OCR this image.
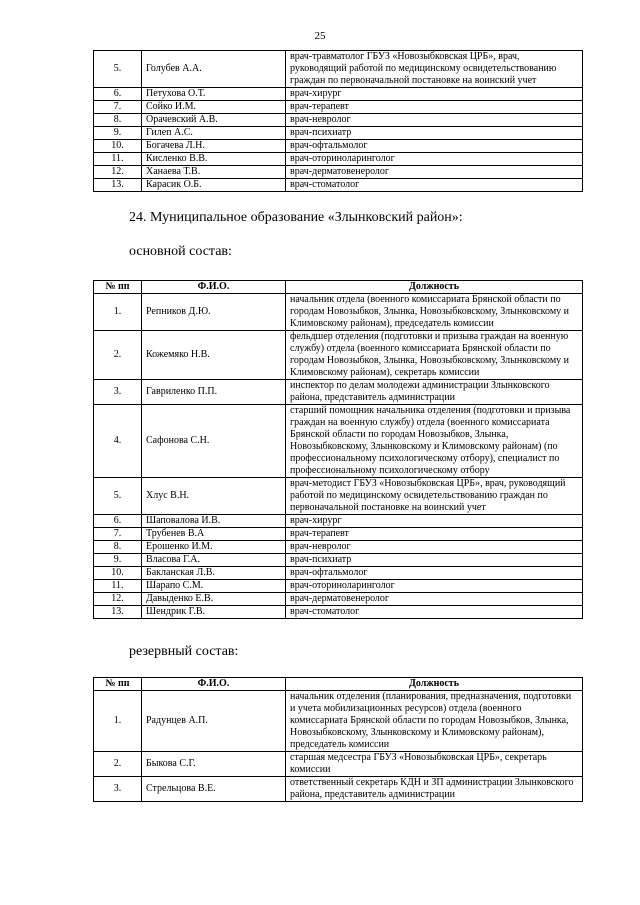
25
5.	Голубев А.А.	врач-травматолог ГБУЗ «Новозыбковская ЦРБ», врач, руководящий работой по медицинскому освидетельствованию граждан по первоначальной постановке на воинский учет
6.	Петухова О.Т.	врач-хирург
7.	Сойко И.М.	врач-терапевт
8.	Орачевский А.В.	врач-невролог
9.	Гилеп А.С.	врач-психиатр
10.	Богачева Л.Н.	врач-офтальмолог
11.	Кисленко В.В.	врач-оториноларинголог
12.	Ханаева Т.В.	врач-дерматовенеролог
13.	Карасик О.Б.	врач-стоматолог
24. Муниципальное образование «Злынковский район»:
основной состав:
№ пп	Ф.И.О.	Должность
1.	Репников Д.Ю.	начальник отдела (военного комиссариата Брянской области по городам Новозыбков, Злынка, Новозыбковскому, Злынковскому и Климовскому районам), председатель комиссии
2.	Кожемяко Н.В.	фельдшер отделения (подготовки и призыва граждан на военную службу) отдела (военного комиссариата Брянской области по городам Новозыбков, Злынка, Новозыбковскому, Злынковскому и Климовскому районам), секретарь комиссии
3.	Гавриленко П.П.	инспектор по делам молодежи администрации Злынковского района, представитель администрации
4.	Сафонова С.Н.	старший помощник начальника отделения (подготовки и призыва граждан на военную службу) отдела (военного комиссариата Брянской области по городам Новозыбков, Злынка, Новозыбковскому, Злынковскому и Климовскому районам) (по профессиональному психологическому отбору), специалист по профессиональному психологическому отбору
5.	Хлус В.Н.	врач-методист ГБУЗ «Новозыбковская ЦРБ», врач, руководящий работой по медицинскому освидетельствованию граждан по первоначальной постановке на воинский учет
6.	Шаповалова И.В.	врач-хирург
7.	Трубенев В.А	врач-терапевт
8.	Ерошенко И.М.	врач-невролог
9.	Власова Г.А.	врач-психиатр
10.	Бакланская Л.В.	врач-офтальмолог
11.	Шарапо С.М.	врач-оториноларинголог
12.	Давыденко Е.В.	врач-дерматовенеролог
13.	Шендрик Г.В.	врач-стоматолог
резервный состав:
№ пп	Ф.И.О.	Должность
1.	Радунцев А.П.	начальник отделения (планирования, предназначения, подготовки и учета мобилизационных ресурсов) отдела (военного комиссариата Брянской области по городам Новозыбков, Злынка, Новозыбковскому, Злынковскому и Климовскому районам), председатель комиссии
2.	Быкова С.Г.	старшая медсестра ГБУЗ «Новозыбковская ЦРБ», секретарь комиссии
3.	Стрельцова В.Е.	ответственный секретарь КДН и ЗП администрации Злынковского района, представитель администрации
